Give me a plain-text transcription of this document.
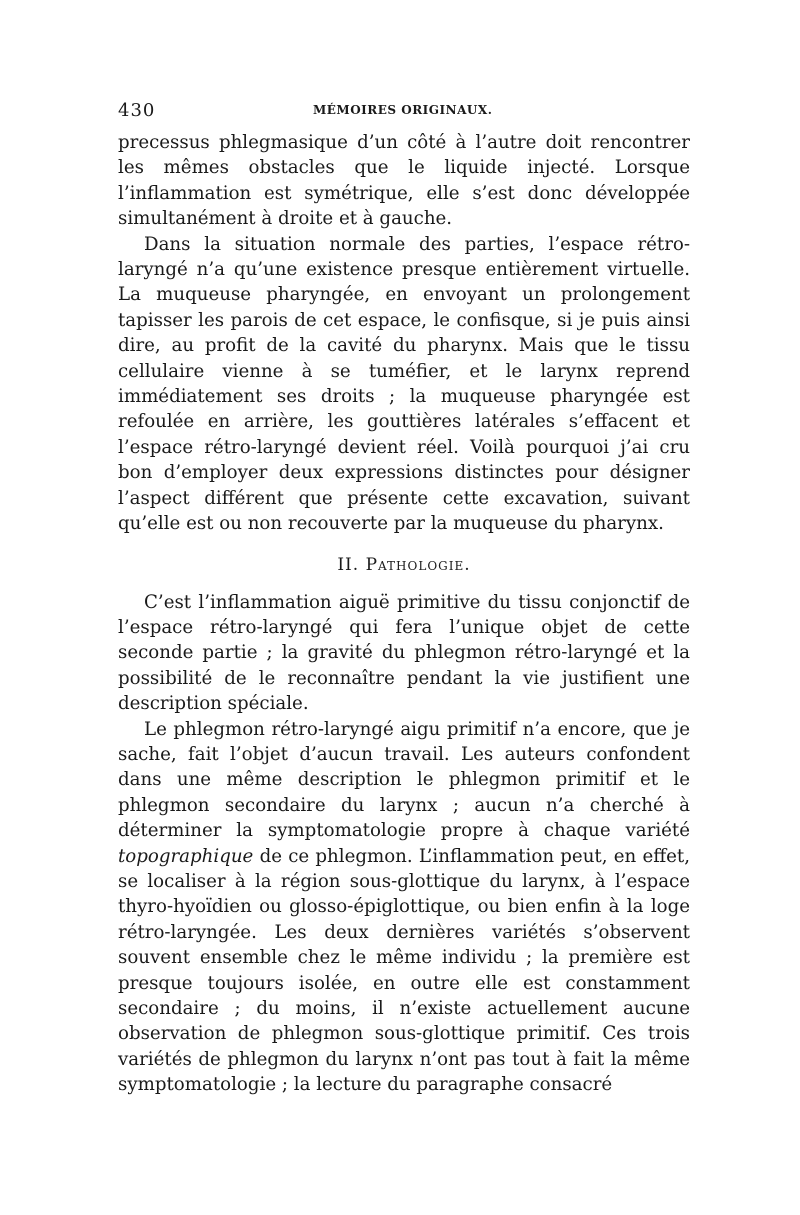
430	MÉMOIRES ORIGINAUX.

precessus phlegmasique d’un côté à l’autre doit rencontrer les mêmes obstacles que le liquide injecté. Lorsque l’inflammation est symétrique, elle s’est donc développée simultanément à droite et à gauche.

Dans la situation normale des parties, l’espace rétro-laryngé n’a qu’une existence presque entièrement virtuelle. La muqueuse pharyngée, en envoyant un prolongement tapisser les parois de cet espace, le confisque, si je puis ainsi dire, au profit de la cavité du pharynx. Mais que le tissu cellulaire vienne à se tuméfier, et le larynx reprend immédiatement ses droits ; la muqueuse pharyngée est refoulée en arrière, les gouttières latérales s’effacent et l’espace rétro-laryngé devient réel. Voilà pourquoi j’ai cru bon d’employer deux expressions distinctes pour désigner l’aspect différent que présente cette excavation, suivant qu’elle est ou non recouverte par la muqueuse du pharynx.

II. Pathologie.

C’est l’inflammation aiguë primitive du tissu conjonctif de l’espace rétro-laryngé qui fera l’unique objet de cette seconde partie ; la gravité du phlegmon rétro-laryngé et la possibilité de le reconnaître pendant la vie justifient une description spéciale.

Le phlegmon rétro-laryngé aigu primitif n’a encore, que je sache, fait l’objet d’aucun travail. Les auteurs confondent dans une même description le phlegmon primitif et le phlegmon secondaire du larynx ; aucun n’a cherché à déterminer la symptomatologie propre à chaque variété topographique de ce phlegmon. L’inflammation peut, en effet, se localiser à la région sous-glottique du larynx, à l’espace thyro-hyoïdien ou glosso-épiglottique, ou bien enfin à la loge rétro-laryngée. Les deux dernières variétés s’observent souvent ensemble chez le même individu ; la première est presque toujours isolée, en outre elle est constamment secondaire ; du moins, il n’existe actuellement aucune observation de phlegmon sous-glottique primitif. Ces trois variétés de phlegmon du larynx n’ont pas tout à fait la même symptomatologie ; la lecture du paragraphe consacré
